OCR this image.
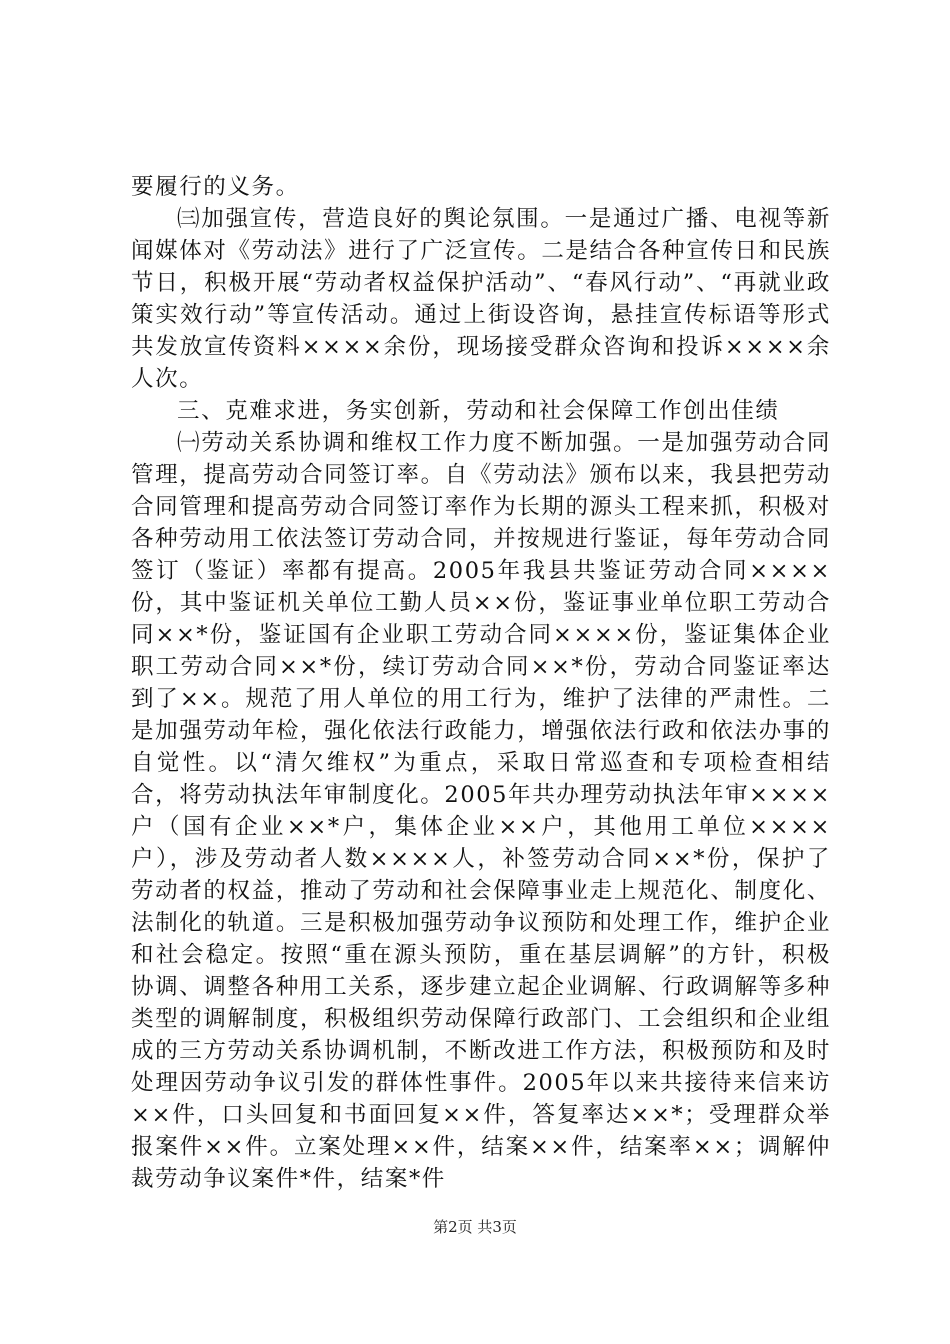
要履行的义务。

㈢加强宣传，营造良好的舆论氛围。一是通过广播、电视等新闻媒体对《劳动法》进行了广泛宣传。二是结合各种宣传日和民族节日，积极开展“劳动者权益保护活动”、“春风行动”、“再就业政策实效行动”等宣传活动。通过上街设咨询，悬挂宣传标语等形式共发放宣传资料××××余份，现场接受群众咨询和投诉××××余人次。

三、克难求进，务实创新，劳动和社会保障工作创出佳绩

㈠劳动关系协调和维权工作力度不断加强。一是加强劳动合同管理，提高劳动合同签订率。自《劳动法》颁布以来，我县把劳动合同管理和提高劳动合同签订率作为长期的源头工程来抓，积极对各种劳动用工依法签订劳动合同，并按规进行鉴证，每年劳动合同签订（鉴证）率都有提高。2005年我县共鉴证劳动合同××××份，其中鉴证机关单位工勤人员××份，鉴证事业单位职工劳动合同××*份，鉴证国有企业职工劳动合同××××份，鉴证集体企业职工劳动合同××*份，续订劳动合同××*份，劳动合同鉴证率达到了××。规范了用人单位的用工行为，维护了法律的严肃性。二是加强劳动年检，强化依法行政能力，增强依法行政和依法办事的自觉性。以“清欠维权”为重点，采取日常巡查和专项检查相结合，将劳动执法年审制度化。2005年共办理劳动执法年审××××户（国有企业××*户，集体企业××户，其他用工单位××××户），涉及劳动者人数××××人，补签劳动合同××*份，保护了劳动者的权益，推动了劳动和社会保障事业走上规范化、制度化、法制化的轨道。三是积极加强劳动争议预防和处理工作，维护企业和社会稳定。按照“重在源头预防，重在基层调解”的方针，积极协调、调整各种用工关系，逐步建立起企业调解、行政调解等多种类型的调解制度，积极组织劳动保障行政部门、工会组织和企业组成的三方劳动关系协调机制，不断改进工作方法，积极预防和及时处理因劳动争议引发的群体性事件。2005年以来共接待来信来访××件，口头回复和书面回复××件，答复率达××*；受理群众举报案件××件。立案处理××件，结案××件，结案率××；调解仲裁劳动争议案件*件，结案*件

第2页 共3页
